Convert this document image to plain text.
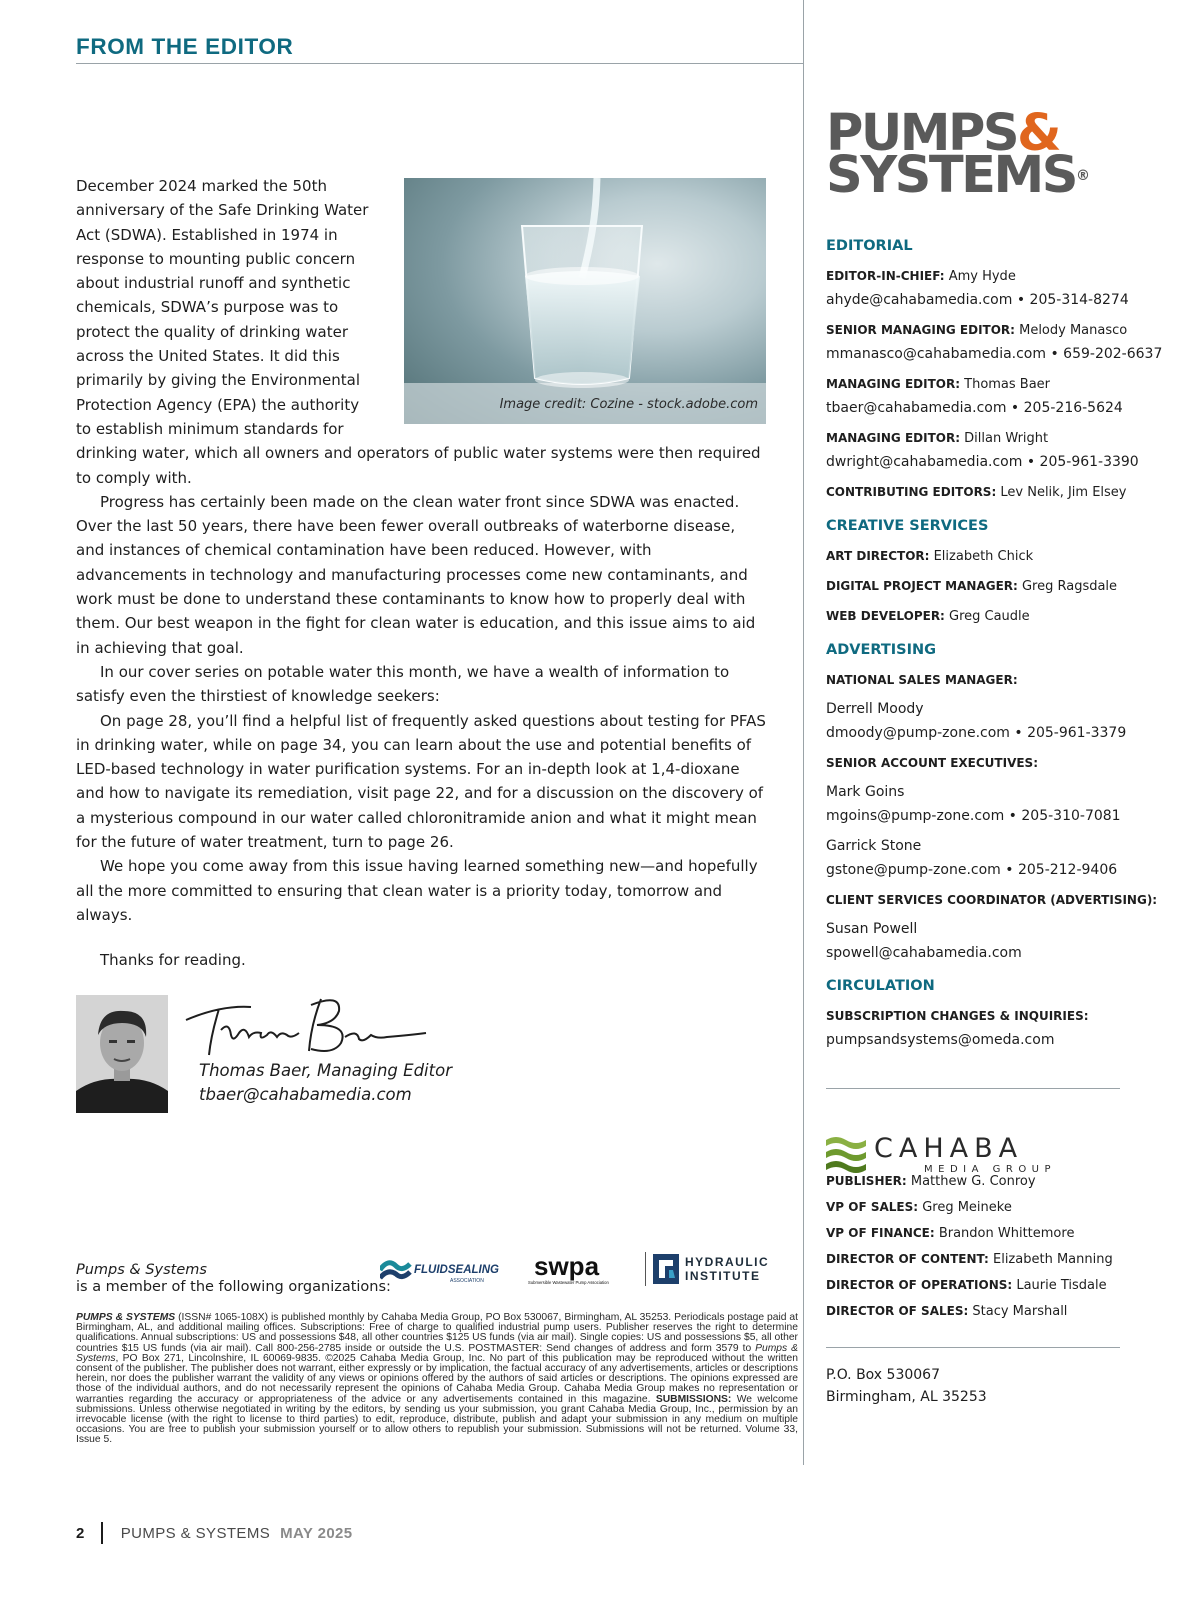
FROM THE EDITOR
Image credit: Cozine - stock.adobe.com

December 2024 marked the 50th anniversary of the Safe Drinking Water Act (SDWA). Established in 1974 in response to mounting public concern about industrial runoff and synthetic chemicals, SDWA’s purpose was to protect the quality of drinking water across the United States. It did this primarily by giving the Environmental Protection Agency (EPA) the authority to establish minimum standards for drinking water, which all owners and operators of public water systems were then required to comply with.

Progress has certainly been made on the clean water front since SDWA was enacted. Over the last 50 years, there have been fewer overall outbreaks of waterborne disease, and instances of chemical contamination have been reduced. However, with advancements in technology and manufacturing processes come new contaminants, and work must be done to understand these contaminants to know how to properly deal with them. Our best weapon in the fight for clean water is education, and this issue aims to aid in achieving that goal.

In our cover series on potable water this month, we have a wealth of information to satisfy even the thirstiest of knowledge seekers:

On page 28, you’ll find a helpful list of frequently asked questions about testing for PFAS in drinking water, while on page 34, you can learn about the use and potential benefits of LED-based technology in water purification systems. For an in-depth look at 1,4-dioxane and how to navigate its remediation, visit page 22, and for a discussion on the discovery of a mysterious compound in our water called chloronitramide anion and what it might mean for the future of water treatment, turn to page 26.

We hope you come away from this issue having learned something new—and hopefully all the more committed to ensuring that clean water is a priority today, tomorrow and always.

Thanks for reading.
Thomas Baer, Managing Editor
tbaer@cahabamedia.com
Pumps & Systems
is a member of the following organizations:
FLUIDSEALING
ASSOCIATION swpa
Submersible Wastewater Pump Association
HYDRAULIC
INSTITUTE
PUMPS & SYSTEMS (ISSN# 1065-108X) is published monthly by Cahaba Media Group, PO Box 530067, Birmingham, AL 35253. Periodicals postage paid at Birmingham, AL, and additional mailing offices. Subscriptions: Free of charge to qualified industrial pump users. Publisher reserves the right to determine qualifications. Annual subscriptions: US and possessions $48, all other countries $125 US funds (via air mail). Single copies: US and possessions $5, all other countries $15 US funds (via air mail). Call 800-256-2785 inside or outside the U.S. POSTMASTER: Send changes of address and form 3579 to Pumps & Systems, PO Box 271, Lincolnshire, IL 60069-9835. ©2025 Cahaba Media Group, Inc. No part of this publication may be reproduced without the written consent of the publisher. The publisher does not warrant, either expressly or by implication, the factual accuracy of any advertisements, articles or descriptions herein, nor does the publisher warrant the validity of any views or opinions offered by the authors of said articles or descriptions. The opinions expressed are those of the individual authors, and do not necessarily represent the opinions of Cahaba Media Group. Cahaba Media Group makes no representation or warranties regarding the accuracy or appropriateness of the advice or any advertisements contained in this magazine. SUBMISSIONS: We welcome submissions. Unless otherwise negotiated in writing by the editors, by sending us your submission, you grant Cahaba Media Group, Inc., permission by an irrevocable license (with the right to license to third parties) to edit, reproduce, distribute, publish and adapt your submission in any medium on multiple occasions. You are free to publish your submission yourself or to allow others to republish your submission. Submissions will not be returned. Volume 33, Issue 5.
2 PUMPS & SYSTEMS MAY 2025
PUMPS&
SYSTEMS®
EDITORIAL
EDITOR-IN-CHIEF: Amy Hyde
ahyde@cahabamedia.com • 205-314-8274
SENIOR MANAGING EDITOR: Melody Manasco
mmanasco@cahabamedia.com • 659-202-6637
MANAGING EDITOR: Thomas Baer
tbaer@cahabamedia.com • 205-216-5624
MANAGING EDITOR: Dillan Wright
dwright@cahabamedia.com • 205-961-3390
CONTRIBUTING EDITORS: Lev Nelik, Jim Elsey
CREATIVE SERVICES
ART DIRECTOR: Elizabeth Chick
DIGITAL PROJECT MANAGER: Greg Ragsdale
WEB DEVELOPER: Greg Caudle
ADVERTISING
NATIONAL SALES MANAGER:
Derrell Moody
dmoody@pump-zone.com • 205-961-3379
SENIOR ACCOUNT EXECUTIVES:
Mark Goins
mgoins@pump-zone.com • 205-310-7081
Garrick Stone
gstone@pump-zone.com • 205-212-9406
CLIENT SERVICES COORDINATOR (ADVERTISING):
Susan Powell
spowell@cahabamedia.com
CIRCULATION
SUBSCRIPTION CHANGES & INQUIRIES:
pumpsandsystems@omeda.com
CAHABA
MEDIA GROUP
PUBLISHER: Matthew G. Conroy
VP OF SALES: Greg Meineke
VP OF FINANCE: Brandon Whittemore
DIRECTOR OF CONTENT: Elizabeth Manning
DIRECTOR OF OPERATIONS: Laurie Tisdale
DIRECTOR OF SALES: Stacy Marshall
P.O. Box 530067
Birmingham, AL 35253
